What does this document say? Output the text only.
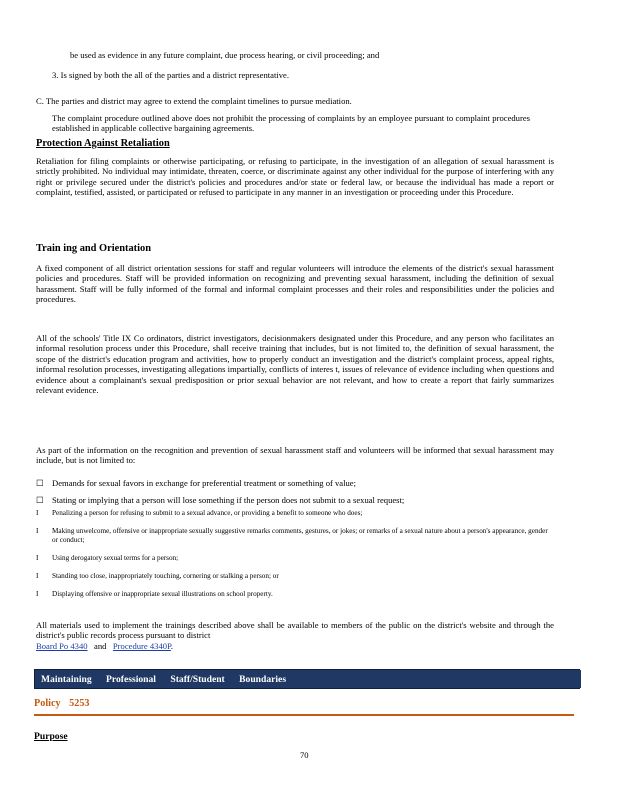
be used as evidence in any future complaint, due process hearing, or civil proceeding; and

3. Is signed by both the all of the parties and a district representative.

C. The parties and district may agree to extend the complaint timelines to pursue mediation.

The complaint procedure outlined above does not prohibit the processing of complaints by an employee pursuant to complaint procedures established in applicable collective bargaining agreements.

Protection Against Retaliation

Retaliation for filing complaints or otherwise participating, or refusing to participate, in the investigation of an allegation of sexual harassment is strictly prohibited. No individual may intimidate, threaten, coerce, or discriminate against any other individual for the purpose of interfering with any right or privilege secured under the district's policies and procedures and/or state or federal law, or because the individual has made a report or complaint, testified, assisted, or participated or refused to participate in any manner in an investigation or proceeding under this Procedure.

Train ing and Orientation

A fixed component of all district orientation sessions for staff and regular volunteers will introduce the elements of the district's sexual harassment policies and procedures. Staff will be provided information on recognizing and preventing sexual harassment, including the definition of sexual harassment. Staff will be fully informed of the formal and informal complaint processes and their roles and responsibilities under the policies and procedures.

All of the schools' Title IX Co ordinators, district investigators, decisionmakers designated under this Procedure, and any person who facilitates an informal resolution process under this Procedure, shall receive training that includes, but is not limited to, the definition of sexual harassment, the scope of the district's education program and activities, how to properly conduct an investigation and the district's complaint process, appeal rights, informal resolution processes, investigating allegations impartially, conflicts of interes t, issues of relevance of evidence including when questions and evidence about a complainant's sexual predisposition or prior sexual behavior are not relevant, and how to create a report that fairly summarizes relevant evidence.

As part of the information on the recognition and prevention of sexual harassment staff and volunteers will be informed that sexual harassment may include, but is not limited to:

☐ Demands for sexual favors in exchange for preferential treatment or something of value;
☐ Stating or implying that a person will lose something if the person does not submit to a sexual request;
I	Penalizing a person for refusing to submit to a sexual advance, or providing a benefit to someone who does;
I	Making unwelcome, offensive or inappropriate sexually suggestive remarks comments, gestures, or jokes; or remarks of a sexual nature about a person's appearance, gender or conduct;
I	Using derogatory sexual terms for a person;
I	Standing too close, inappropriately touching, cornering or stalking a person; or
I	Displaying offensive or inappropriate sexual illustrations on school property.

All materials used to implement the trainings described above shall be available to members of the public on the district's website and through the district's public records process pursuant to district

Board Po 4340 and Procedure 4340P.

Maintaining Professional Staff/Student Boundaries
Policy 5253
Purpose
70
